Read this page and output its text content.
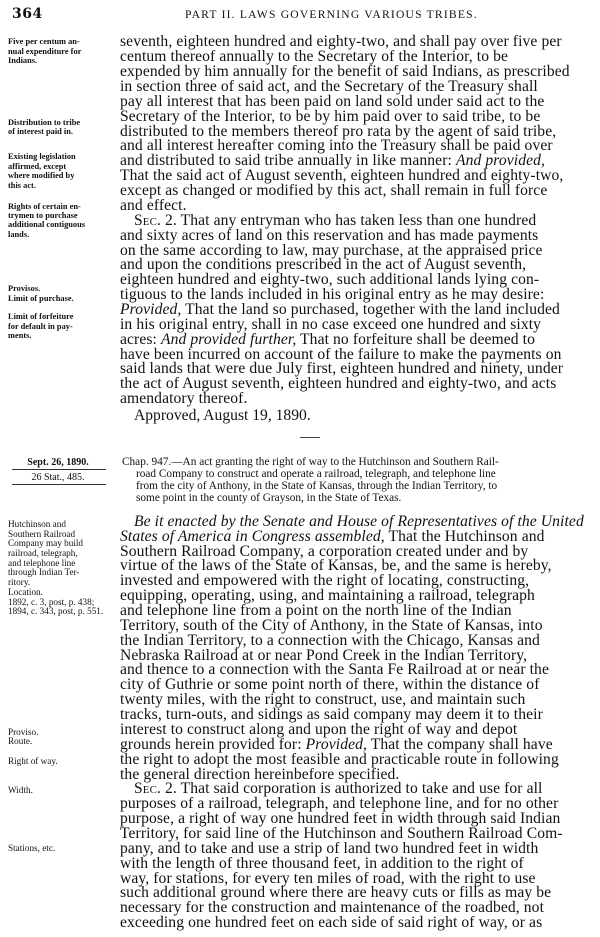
364	PART II. LAWS GOVERNING VARIOUS TRIBES.
Five per centum an-
nual expenditure for
Indians.
Distribution to tribe
of interest paid in.
Existing legislation
affirmed, except
where modified by
this act.
Rights of certain en-
trymen to purchase
additional contiguous
lands.
Provisos.
Limit of purchase.
Limit of forfeiture
for default in pay-
ments.
seventh, eighteen hundred and eighty-two, and shall pay over five per
centum thereof annually to the Secretary of the Interior, to be
expended by him annually for the benefit of said Indians, as prescribed
in section three of said act, and the Secretary of the Treasury shall
pay all interest that has been paid on land sold under said act to the
Secretary of the Interior, to be by him paid over to said tribe, to be
distributed to the members thereof pro rata by the agent of said tribe,
and all interest hereafter coming into the Treasury shall be paid over
and distributed to said tribe annually in like manner: And provided,
That the said act of August seventh, eighteen hundred and eighty-two,
except as changed or modified by this act, shall remain in full force
and effect.
Sec. 2. That any entryman who has taken less than one hundred
and sixty acres of land on this reservation and has made payments
on the same according to law, may purchase, at the appraised price
and upon the conditions prescribed in the act of August seventh,
eighteen hundred and eighty-two, such additional lands lying con-
tiguous to the lands included in his original entry as he may desire:
Provided, That the land so purchased, together with the land included
in his original entry, shall in no case exceed one hundred and sixty
acres: And provided further, That no forfeiture shall be deemed to
have been incurred on account of the failure to make the payments on
said lands that were due July first, eighteen hundred and ninety, under
the act of August seventh, eighteen hundred and eighty-two, and acts
amendatory thereof.
Approved, August 19, 1890.
Sept. 26, 1890.
26 Stat., 485.
Chap. 947.—An act granting the right of way to the Hutchinson and Southern Rail-
road Company to construct and operate a railroad, telegraph, and telephone line
from the city of Anthony, in the State of Kansas, through the Indian Territory, to
some point in the county of Grayson, in the State of Texas.
Hutchinson and
Southern Railroad
Company may build
railroad, telegraph,
and telephone line
through Indian Ter-
ritory.
Location.
1892, c. 3, post, p. 438;
1894, c. 343, post, p. 551.
Proviso.
Route.
Right of way.
Width.
Stations, etc.
Be it enacted by the Senate and House of Representatives of the United
States of America in Congress assembled, That the Hutchinson and
Southern Railroad Company, a corporation created under and by
virtue of the laws of the State of Kansas, be, and the same is hereby,
invested and empowered with the right of locating, constructing,
equipping, operating, using, and maintaining a railroad, telegraph
and telephone line from a point on the north line of the Indian
Territory, south of the City of Anthony, in the State of Kansas, into
the Indian Territory, to a connection with the Chicago, Kansas and
Nebraska Railroad at or near Pond Creek in the Indian Territory,
and thence to a connection with the Santa Fe Railroad at or near the
city of Guthrie or some point north of there, within the distance of
twenty miles, with the right to construct, use, and maintain such
tracks, turn-outs, and sidings as said company may deem it to their
interest to construct along and upon the right of way and depot
grounds herein provided for: Provided, That the company shall have
the right to adopt the most feasible and practicable route in following
the general direction hereinbefore specified.
Sec. 2. That said corporation is authorized to take and use for all
purposes of a railroad, telegraph, and telephone line, and for no other
purpose, a right of way one hundred feet in width through said Indian
Territory, for said line of the Hutchinson and Southern Railroad Com-
pany, and to take and use a strip of land two hundred feet in width
with the length of three thousand feet, in addition to the right of
way, for stations, for every ten miles of road, with the right to use
such additional ground where there are heavy cuts or fills as may be
necessary for the construction and maintenance of the roadbed, not
exceeding one hundred feet on each side of said right of way, or as
